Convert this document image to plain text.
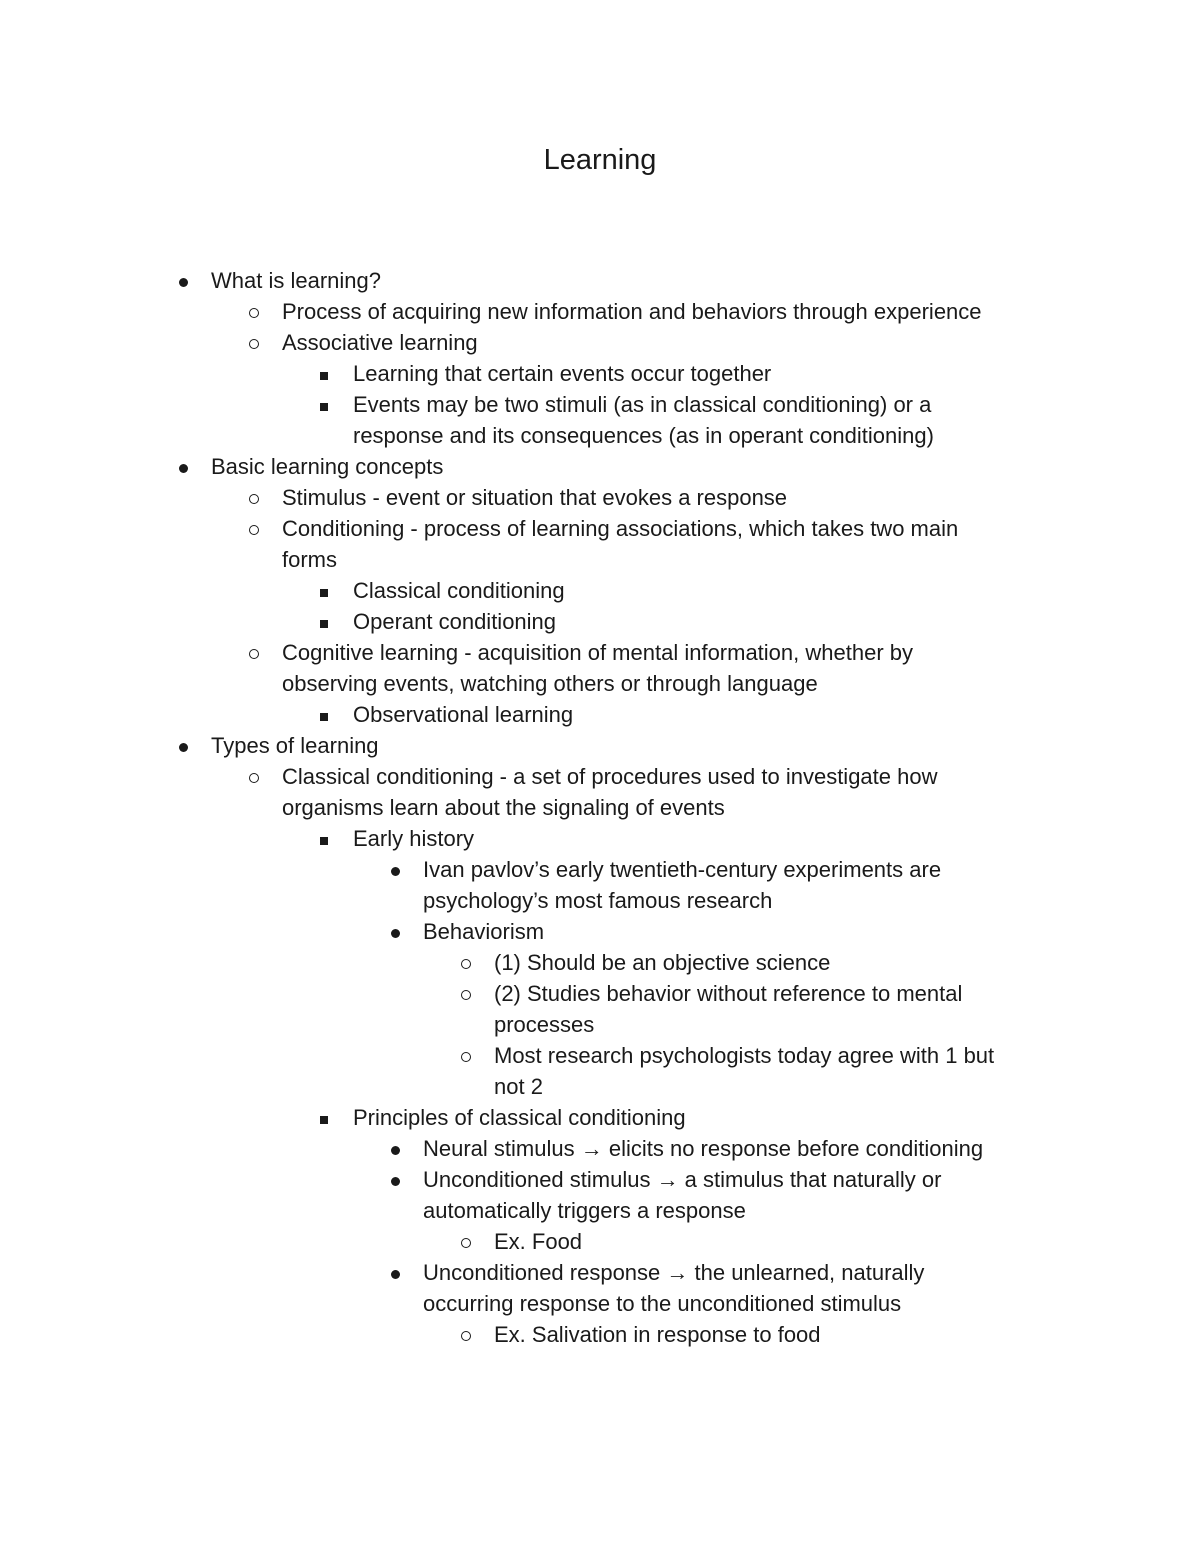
Learning
What is learning?
Process of acquiring new information and behaviors through experience
Associative learning
Learning that certain events occur together
Events may be two stimuli (as in classical conditioning) or a
response and its consequences (as in operant conditioning)
Basic learning concepts
Stimulus - event or situation that evokes a response
Conditioning - process of learning associations, which takes two main
forms
Classical conditioning
Operant conditioning
Cognitive learning - acquisition of mental information, whether by
observing events, watching others or through language
Observational learning
Types of learning
Classical conditioning - a set of procedures used to investigate how
organisms learn about the signaling of events
Early history
Ivan pavlov’s early twentieth-century experiments are
psychology’s most famous research
Behaviorism
(1) Should be an objective science
(2) Studies behavior without reference to mental
processes
Most research psychologists today agree with 1 but
not 2
Principles of classical conditioning
Neural stimulus → elicits no response before conditioning
Unconditioned stimulus → a stimulus that naturally or
automatically triggers a response
Ex. Food
Unconditioned response → the unlearned, naturally
occurring response to the unconditioned stimulus
Ex. Salivation in response to food
